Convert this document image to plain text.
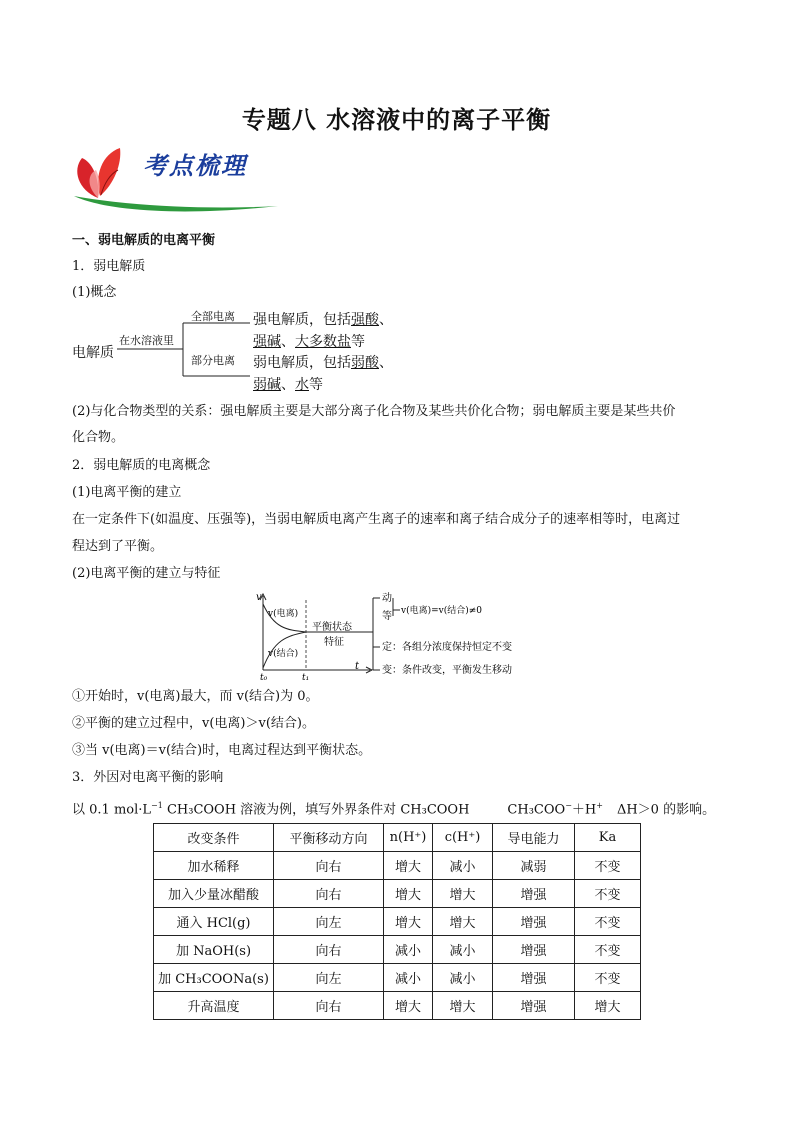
专题八 水溶液中的离子平衡
考点梳理
一、弱电解质的电离平衡
1．弱电解质
(1)概念
电解质
在水溶液里
全部电离
部分电离
强电解质，包括强酸、
强碱、大多数盐等
弱电解质，包括弱酸、
弱碱、水等
(2)与化合物类型的关系：强电解质主要是大部分离子化合物及某些共价化合物；弱电解质主要是某些共价
化合物。
2．弱电解质的电离概念
(1)电离平衡的建立
在一定条件下(如温度、压强等)，当弱电解质电离产生离子的速率和离子结合成分子的速率相等时，电离过
程达到了平衡。
(2)电离平衡的建立与特征
v
t
t₀	t₁
v(电离)
v(结合)
平衡状态
特征
动
等 v(电离)=v(结合)≠0
定：各组分浓度保持恒定不变
变：条件改变，平衡发生移动
①开始时，v(电离)最大，而 v(结合)为 0。
②平衡的建立过程中，v(电离)＞v(结合)。
③当 v(电离)＝v(结合)时，电离过程达到平衡状态。
3．外因对电离平衡的影响
以 0.1 $mol\cdot L^{-1}$ CH₃COOH 溶液为例，填写外界条件对 CH₃COOH	CH₃COO−＋H+ ΔH＞0 的影响。
改变条件	平衡移动方向	n(H⁺)	c(H⁺)	导电能力	Ka
加水稀释	向右	增大	减小	减弱	不变
加入少量冰醋酸	向右	增大	增大	增强	不变
通入 HCl(g)	向左	增大	增大	增强	不变
加 NaOH(s)	向右	减小	减小	增强	不变
加 CH₃COONa(s)	向左	减小	减小	增强	不变
升高温度	向右	增大	增大	增强	增大
